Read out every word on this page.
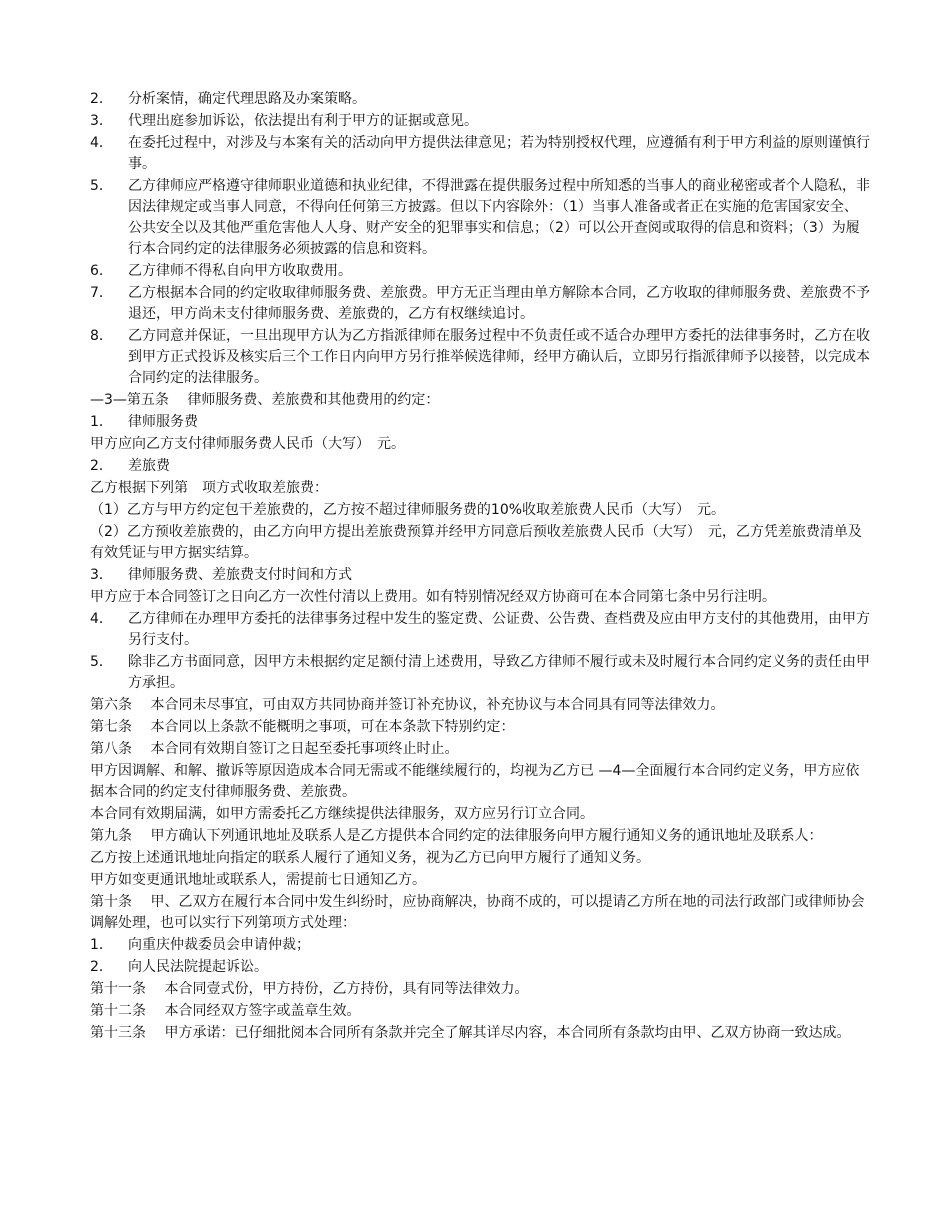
2． 分析案情，确定代理思路及办案策略。
3． 代理出庭参加诉讼，依法提出有利于甲方的证据或意见。
4． 在委托过程中，对涉及与本案有关的活动向甲方提供法律意见；若为特别授权代理，应遵循有利于甲方利益的原则谨慎行事。
5． 乙方律师应严格遵守律师职业道德和执业纪律，不得泄露在提供服务过程中所知悉的当事人的商业秘密或者个人隐私，非因法律规定或当事人同意，不得向任何第三方披露。但以下内容除外：（1）当事人准备或者正在实施的危害国家安全、公共安全以及其他严重危害他人人身、财产安全的犯罪事实和信息；（2）可以公开查阅或取得的信息和资料；（3）为履行本合同约定的法律服务必须披露的信息和资料。
6． 乙方律师不得私自向甲方收取费用。
7． 乙方根据本合同的约定收取律师服务费、差旅费。甲方无正当理由单方解除本合同，乙方收取的律师服务费、差旅费不予退还，甲方尚未支付律师服务费、差旅费的，乙方有权继续追讨。
8． 乙方同意并保证，一旦出现甲方认为乙方指派律师在服务过程中不负责任或不适合办理甲方委托的法律事务时，乙方在收到甲方正式投诉及核实后三个工作日内向甲方另行推举候选律师，经甲方确认后，立即另行指派律师予以接替，以完成本合同约定的法律服务。
—3—第五条　 律师服务费、差旅费和其他费用的约定：
1． 律师服务费
甲方应向乙方支付律师服务费人民币（大写）　元。
2． 差旅费
乙方根据下列第　项方式收取差旅费：
（1）乙方与甲方约定包干差旅费的，乙方按不超过律师服务费的10%收取差旅费人民币（大写）　元。
（2）乙方预收差旅费的，由乙方向甲方提出差旅费预算并经甲方同意后预收差旅费人民币（大写）　元，乙方凭差旅费清单及有效凭证与甲方据实结算。
3． 律师服务费、差旅费支付时间和方式
甲方应于本合同签订之日向乙方一次性付清以上费用。如有特别情况经双方协商可在本合同第七条中另行注明。
4． 乙方律师在办理甲方委托的法律事务过程中发生的鉴定费、公证费、公告费、查档费及应由甲方支付的其他费用，由甲方另行支付。
5． 除非乙方书面同意，因甲方未根据约定足额付清上述费用，导致乙方律师不履行或未及时履行本合同约定义务的责任由甲方承担。
第六条　 本合同未尽事宜，可由双方共同协商并签订补充协议，补充协议与本合同具有同等法律效力。
第七条　 本合同以上条款不能概明之事项，可在本条款下特别约定：
第八条　 本合同有效期自签订之日起至委托事项终止时止。
甲方因调解、和解、撤诉等原因造成本合同无需或不能继续履行的，均视为乙方已 —4—全面履行本合同约定义务，甲方应依据本合同的约定支付律师服务费、差旅费。
本合同有效期届满，如甲方需委托乙方继续提供法律服务，双方应另行订立合同。
第九条　 甲方确认下列通讯地址及联系人是乙方提供本合同约定的法律服务向甲方履行通知义务的通讯地址及联系人：
乙方按上述通讯地址向指定的联系人履行了通知义务，视为乙方已向甲方履行了通知义务。
甲方如变更通讯地址或联系人，需提前七日通知乙方。
第十条　 甲、乙双方在履行本合同中发生纠纷时，应协商解决，协商不成的，可以提请乙方所在地的司法行政部门或律师协会调解处理，也可以实行下列第项方式处理：
1． 向重庆仲裁委员会申请仲裁；
2． 向人民法院提起诉讼。
第十一条　 本合同壹式份，甲方持份，乙方持份，具有同等法律效力。
第十二条　 本合同经双方签字或盖章生效。
第十三条　 甲方承诺：已仔细批阅本合同所有条款并完全了解其详尽内容，本合同所有条款均由甲、乙双方协商一致达成。
